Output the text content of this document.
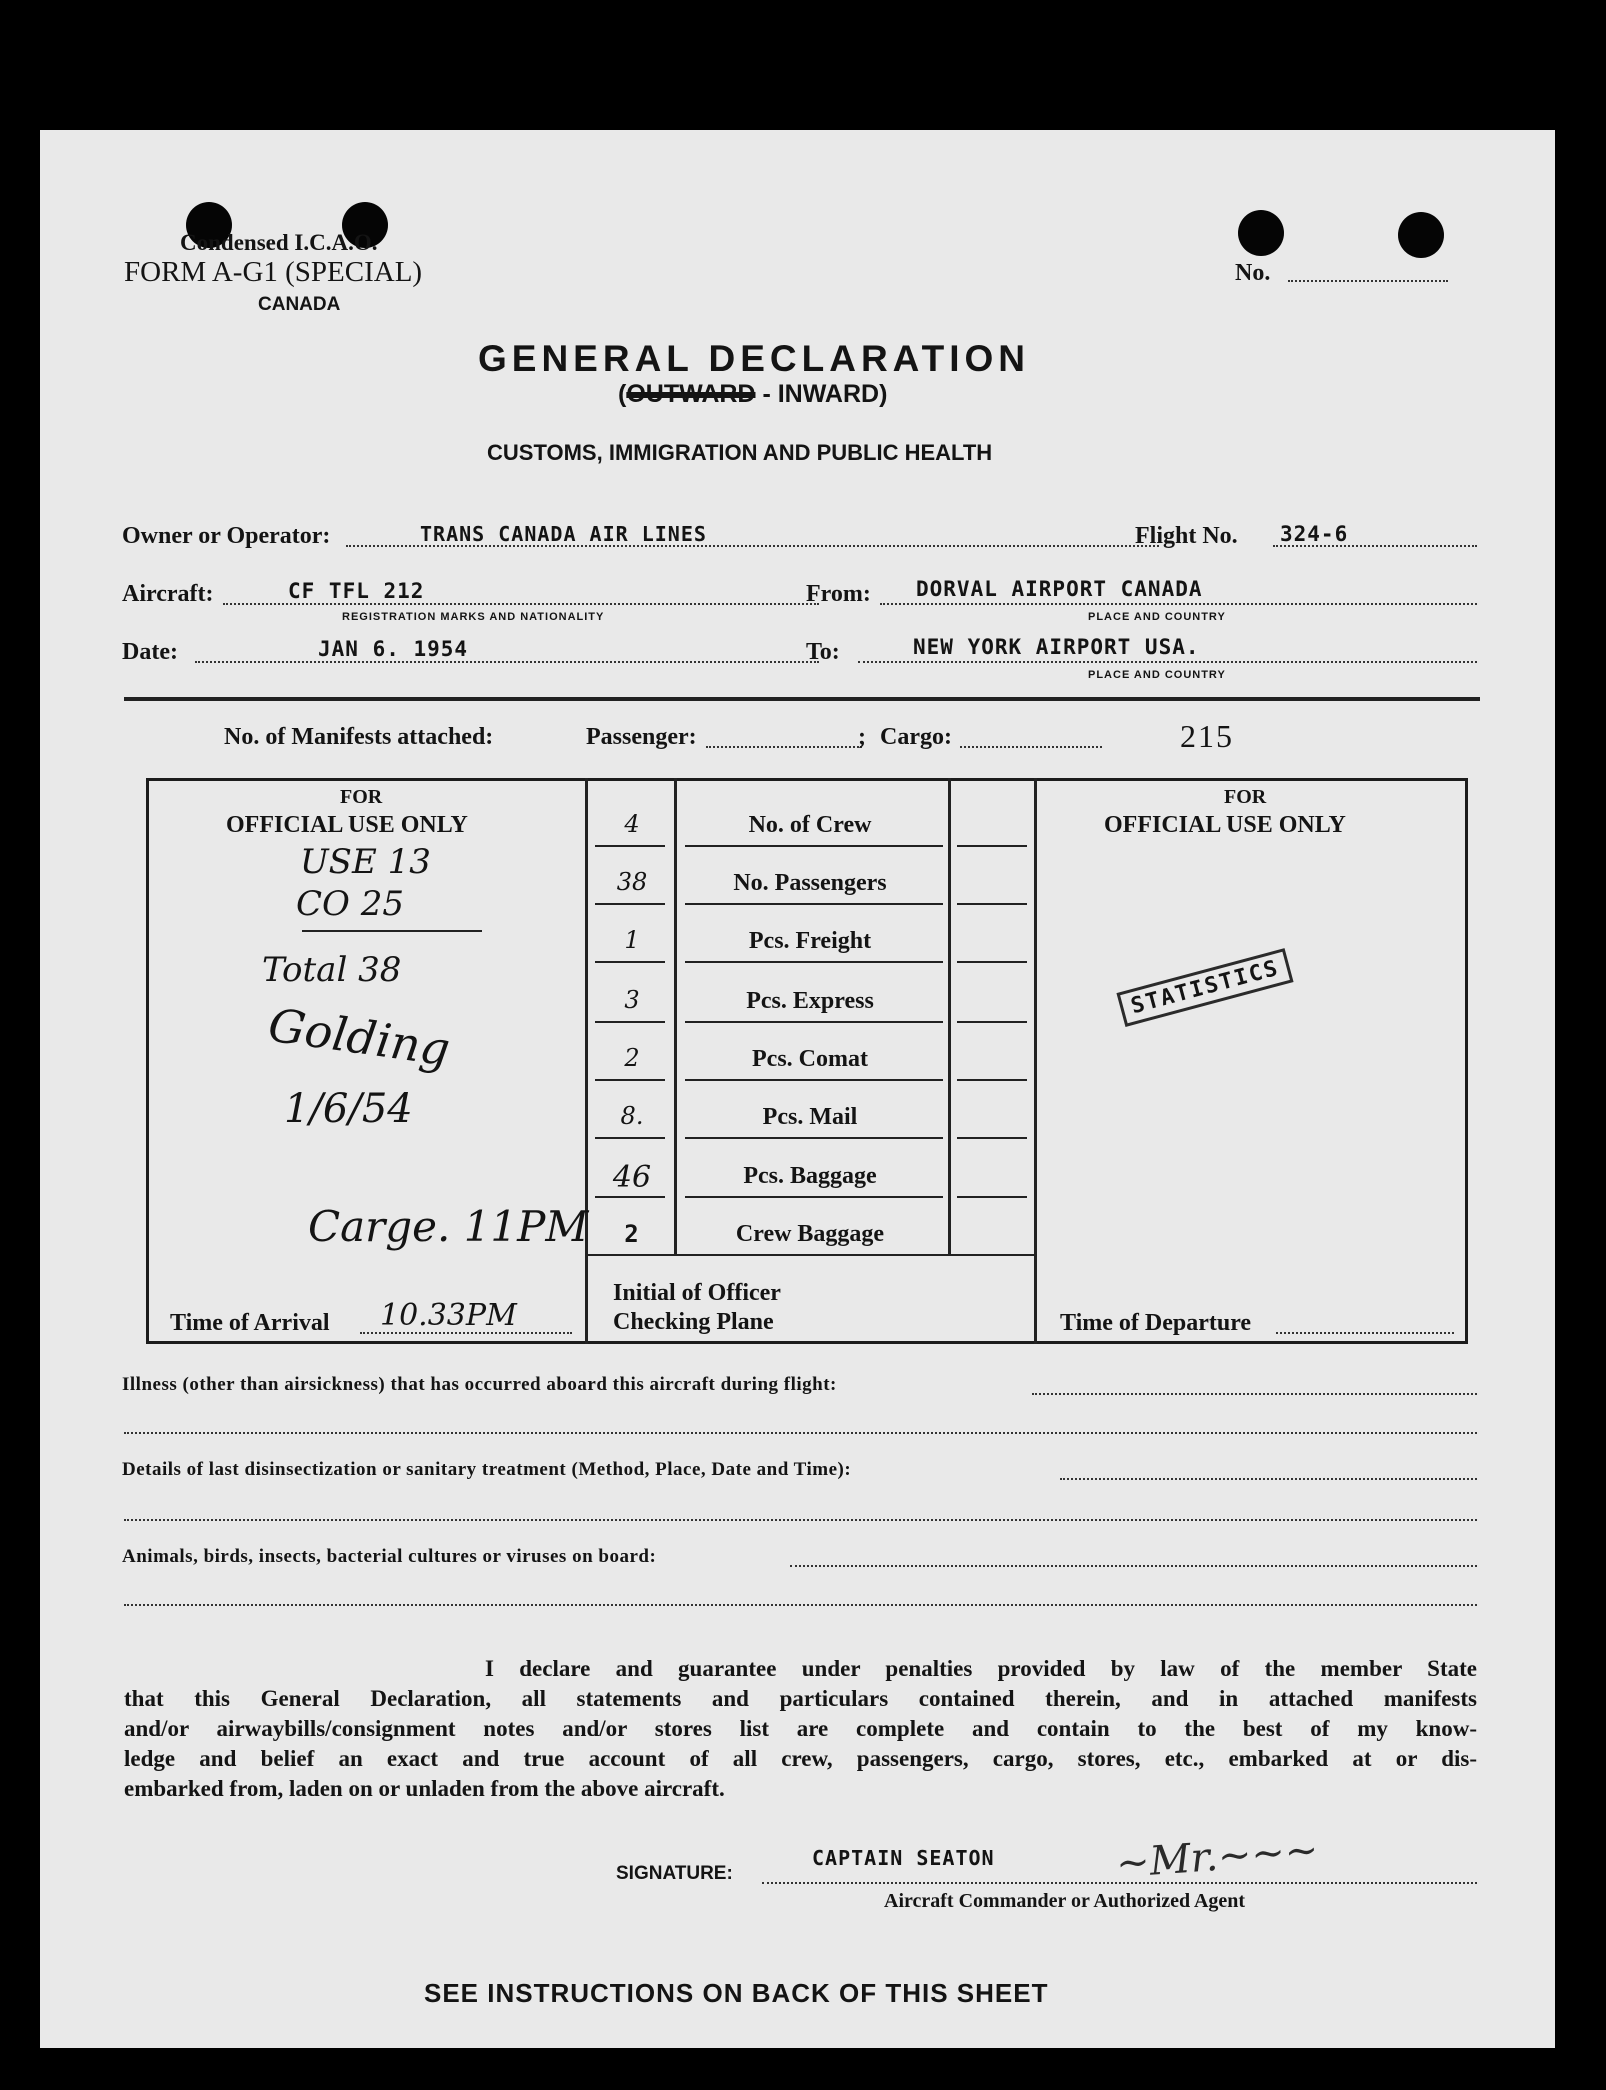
Condensed I.C.A.O.
FORM A-G1 (SPECIAL)
CANADA
No.
GENERAL DECLARATION
(OUTWARD - INWARD)
CUSTOMS, IMMIGRATION AND PUBLIC HEALTH
Owner or Operator:	TRANS CANADA AIR LINES	Flight No. 324-6
Aircraft:	CF TFL 212
REGISTRATION MARKS AND NATIONALITY
From: DORVAL AIRPORT CANADA
PLACE AND COUNTRY
Date:	JAN 6. 1954	To:	NEW YORK AIRPORT USA.
PLACE AND COUNTRY
No. of Manifests attached:	Passenger:	; Cargo:	215
FOR
OFFICIAL USE ONLY
USE 13
CO 25
Total 38
Golding
1/6/54
Carge. 11PM
Time of Arrival 10.33PM
4	No. of Crew
38	No. Passengers
1	Pcs. Freight
3	Pcs. Express
2	Pcs. Comat
8.	Pcs. Mail
46	Pcs. Baggage
2	Crew Baggage
Initial of Officer
Checking Plane
FOR
OFFICIAL USE ONLY
STATISTICS
Time of Departure
Illness (other than airsickness) that has occurred aboard this aircraft during flight:
Details of last disinsectization or sanitary treatment (Method, Place, Date and Time):
Animals, birds, insects, bacterial cultures or viruses on board:
I declare and guarantee under penalties provided by law of the member State
that this General Declaration, all statements and particulars contained therein, and in attached manifests
and/or airwaybills/consignment notes and/or stores list are complete and contain to the best of my know-
ledge and belief an exact and true account of all crew, passengers, cargo, stores, etc., embarked at or dis-
embarked from, laden on or unladen from the above aircraft.
SIGNATURE:
CAPTAIN SEATON	~Mr.~~~
Aircraft Commander or Authorized Agent
SEE INSTRUCTIONS ON BACK OF THIS SHEET
